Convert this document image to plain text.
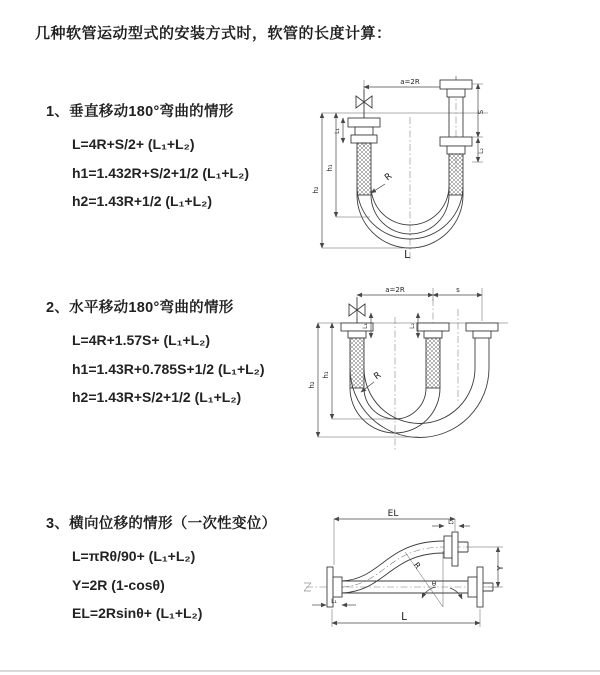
几种软管运动型式的安装方式时，软管的长度计算：
1、垂直移动180°弯曲的情形
L=4R+S/2+ (L₁+L₂)
h1=1.432R+S/2+1/2 (L₁+L₂)
h2=1.43R+1/2 (L₁+L₂)
2、水平移动180°弯曲的情形
L=4R+1.57S+ (L₁+L₂)
h1=1.43R+0.785S+1/2 (L₁+L₂)
h2=1.43R+S/2+1/2 (L₁+L₂)
3、横向位移的情形（一次性变位）
L=πRθ/90+ (L₁+L₂)
Y=2R (1-cosθ)
EL=2Rsinθ+ (L₁+L₂)
a=2R
h₁
h₂
L₁
S
L₂
R
L
a=2R	s
h₂
h₁
L₁	L₂
R
θ
R
EL
L₂
Y
L
L₁
